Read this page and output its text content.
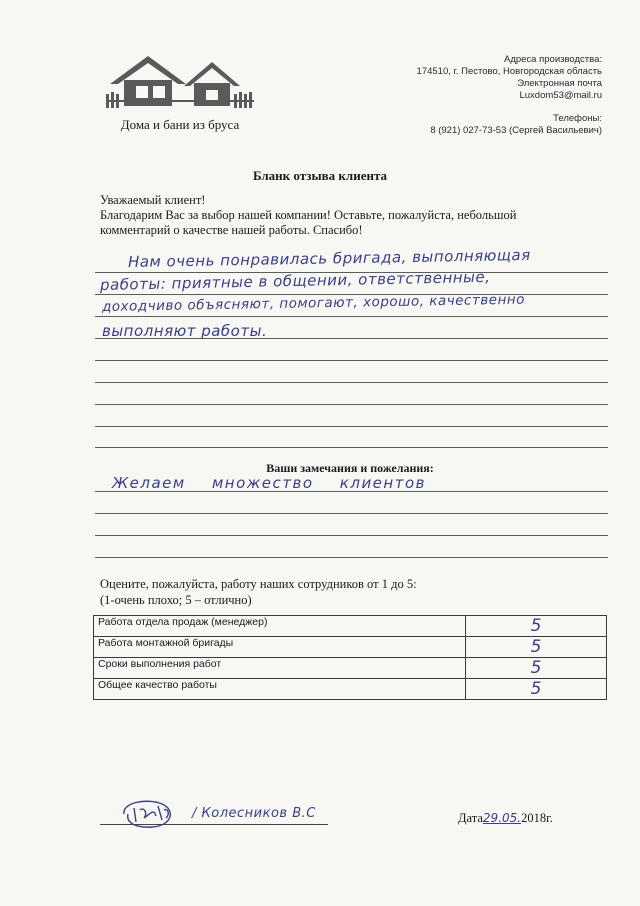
Дома и бани из бруса
Адреса производства:
174510, г. Пестово, Новгородская область
Электронная почта
Luxdom53@mail.ru
Телефоны:
8 (921) 027-73-53 (Сергей Васильевич)
Бланк отзыва клиента
Уважаемый клиент!
Благодарим Вас за выбор нашей компании! Оставьте, пожалуйста, небольшой
комментарий о качестве нашей работы. Спасибо!
Нам очень понравилась бригада, выполняющая
работы: приятные в общении, ответственные,
доходчиво объясняют, помогают, хорошо, качественно
выполняют работы.
Ваши замечания и пожелания:
Желаем множество клиентов
Оцените, пожалуйста, работу наших сотрудников от 1 до 5:
(1-очень плохо; 5 – отлично)
Работа отдела продаж (менеджер)	5
Работа монтажной бригады	5
Сроки выполнения работ	5
Общее качество работы	5
/ Колесников В.С	Дата29.05.2018г.
